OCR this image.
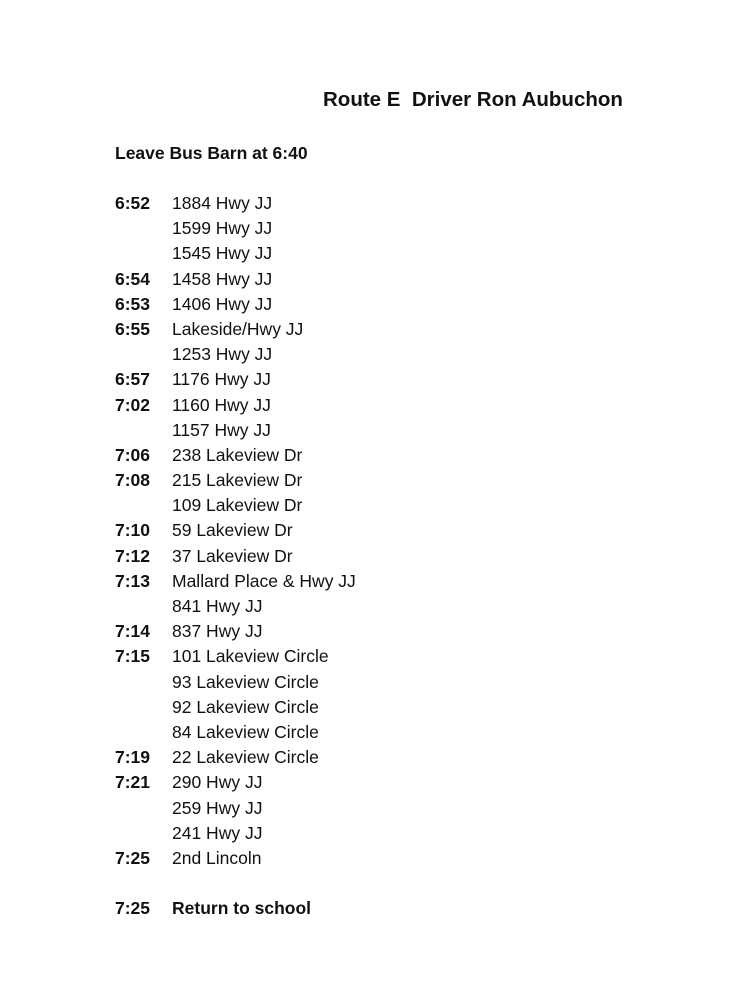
Route E  Driver Ron Aubuchon
Leave Bus Barn at 6:40
6:52	1884 Hwy JJ
1599 Hwy JJ
1545 Hwy JJ
6:54	1458 Hwy JJ
6:53	1406 Hwy JJ
6:55	Lakeside/Hwy JJ
1253 Hwy JJ
6:57	1176 Hwy JJ
7:02	1160 Hwy JJ
1157 Hwy JJ
7:06	238 Lakeview Dr
7:08	215 Lakeview Dr
109 Lakeview Dr
7:10	59 Lakeview Dr
7:12	37 Lakeview Dr
7:13	Mallard Place & Hwy JJ
841 Hwy JJ
7:14	837 Hwy JJ
7:15	101 Lakeview Circle
93 Lakeview Circle
92 Lakeview Circle
84 Lakeview Circle
7:19	22 Lakeview Circle
7:21	290 Hwy JJ
259 Hwy JJ
241 Hwy JJ
7:25	2nd Lincoln
7:25	Return to school
